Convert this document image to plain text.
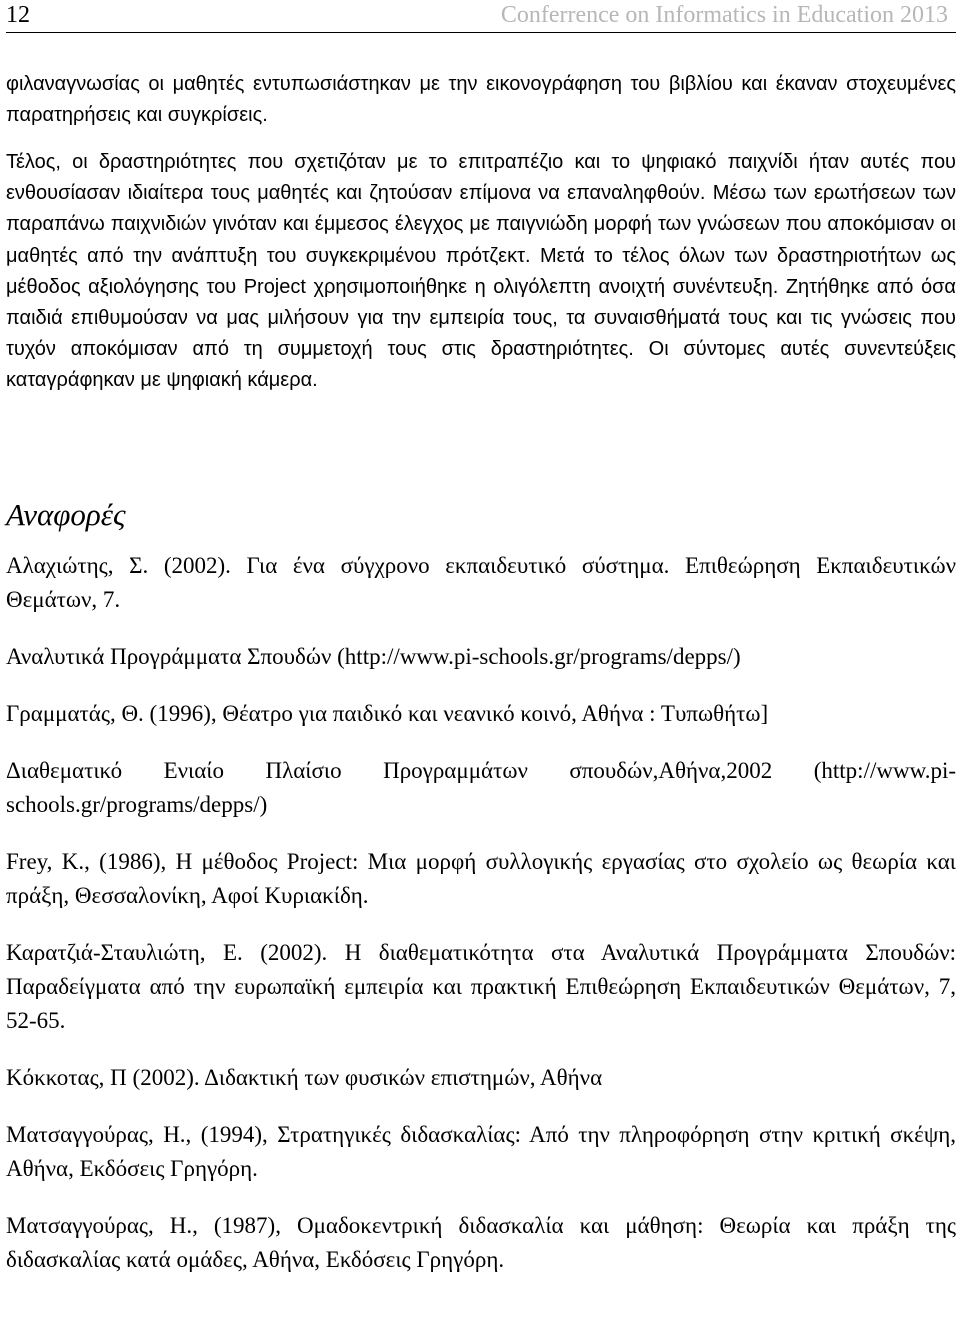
12	Conferrence on Informatics in Education 2013

φιλαναγνωσίας οι μαθητές εντυπωσιάστηκαν με την εικονογράφηση του βιβλίου και έκαναν στοχευμένες παρατηρήσεις και συγκρίσεις.

Τέλος, οι δραστηριότητες που σχετιζόταν με το επιτραπέζιο και το ψηφιακό παιχνίδι ήταν αυτές που ενθουσίασαν ιδιαίτερα τους μαθητές και ζητούσαν επίμονα να επαναληφθούν. Μέσω των ερωτήσεων των παραπάνω παιχνιδιών γινόταν και έμμεσος έλεγχος με παιγνιώδη μορφή των γνώσεων που αποκόμισαν οι μαθητές από την ανάπτυξη του συγκεκριμένου πρότζεκτ. Μετά το τέλος όλων των δραστηριοτήτων ως μέθοδος αξιολόγησης του Project χρησιμοποιήθηκε η ολιγόλεπτη ανοιχτή συνέντευξη. Ζητήθηκε από όσα παιδιά επιθυμούσαν να μας μιλήσουν για την εμπειρία τους, τα συναισθήματά τους και τις γνώσεις που τυχόν αποκόμισαν από τη συμμετοχή τους στις δραστηριότητες. Οι σύντομες αυτές συνεντεύξεις καταγράφηκαν με ψηφιακή κάμερα.

Αναφορές
Αλαχιώτης, Σ. (2002). Για ένα σύγχρονο εκπαιδευτικό σύστημα. Επιθεώρηση Εκπαιδευτικών Θεμάτων, 7.
Αναλυτικά Προγράμματα Σπουδών (http://www.pi-schools.gr/programs/depps/)
Γραμματάς, Θ. (1996), Θέατρο για παιδικό και νεανικό κοινό, Αθήνα : Τυπωθήτω]
Διαθεματικό Ενιαίο Πλαίσιο Προγραμμάτων σπουδών,Αθήνα,2002 (http://www.pi-schools.gr/programs/depps/)
Frey, K., (1986), Η μέθοδος Project: Μια μορφή συλλογικής εργασίας στο σχολείο ως θεωρία και πράξη, Θεσσαλονίκη, Αφοί Κυριακίδη.
Καρατζιά-Σταυλιώτη, Ε. (2002). Η διαθεματικότητα στα Αναλυτικά Προγράμματα Σπουδών: Παραδείγματα από την ευρωπαϊκή εμπειρία και πρακτική Επιθεώρηση Εκπαιδευτικών Θεμάτων, 7, 52-65.
Κόκκοτας, Π (2002). Διδακτική των φυσικών επιστημών, Αθήνα
Ματσαγγούρας, Η., (1994), Στρατηγικές διδασκαλίας: Από την πληροφόρηση στην κριτική σκέψη, Αθήνα, Εκδόσεις Γρηγόρη.
Ματσαγγούρας, Η., (1987), Ομαδοκεντρική διδασκαλία και μάθηση: Θεωρία και πράξη της διδασκαλίας κατά ομάδες, Αθήνα, Εκδόσεις Γρηγόρη.
